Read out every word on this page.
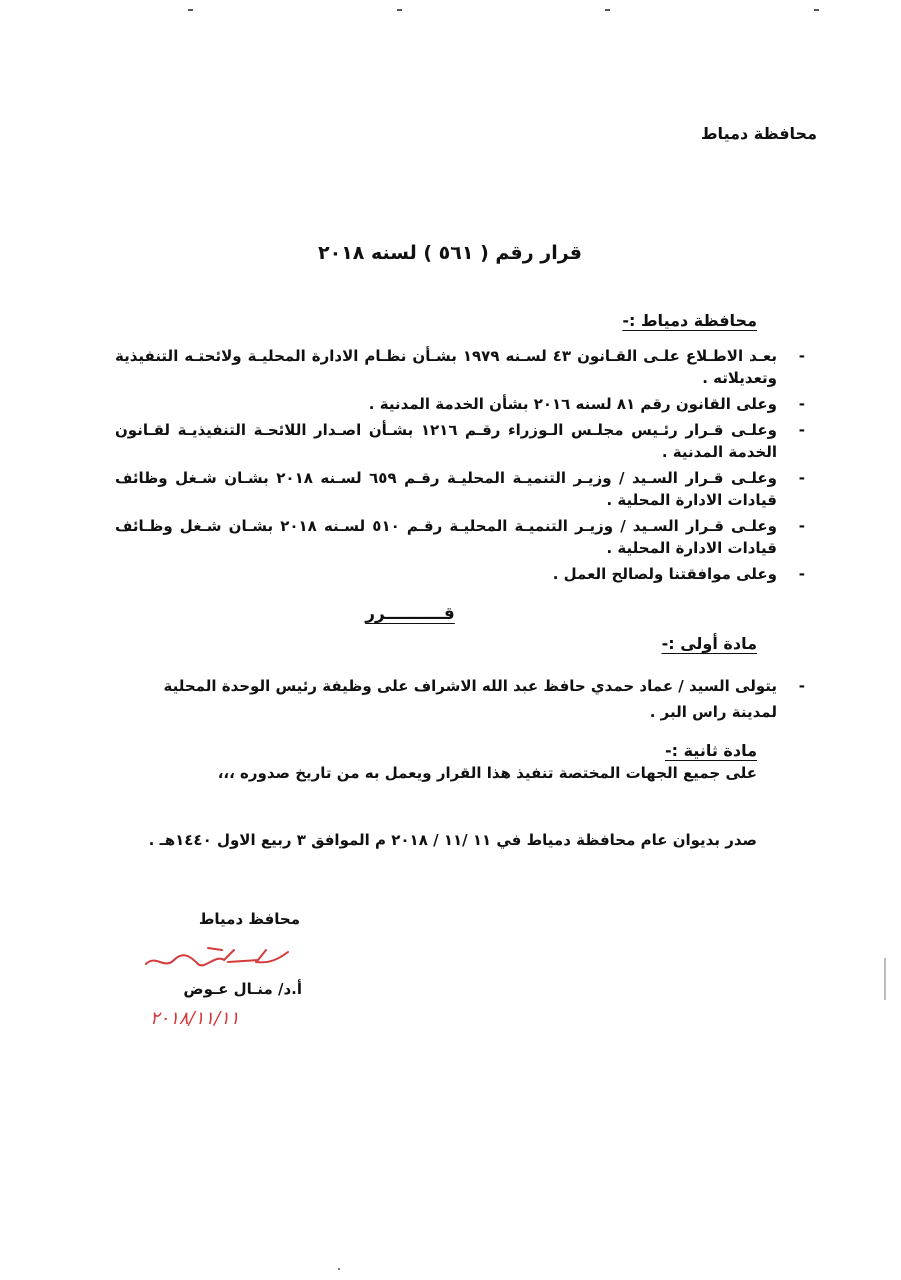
محافظة دمياط
قرار رقم ( ٥٦١ ) لسنه ٢٠١٨
محافظة دمياط :-
-
بعـد الاطـلاع علـى القـانون ٤٣ لسـنه ١٩٧٩ بشـأن نظـام الادارة المحليـة ولائحتـه التنفيذية وتعديلاته .
-
وعلى القانون رقم ٨١ لسنه ٢٠١٦ بشأن الخدمة المدنية .
-
وعلـى قـرار رئـيس مجلـس الـوزراء رقـم ١٢١٦ بشـأن اصـدار اللائحـة التنفيذيـة لقـانون الخدمة المدنية .
-
وعلـى قـرار السـيد / وزيـر التنميـة المحليـة رقـم ٦٥٩ لسـنه ٢٠١٨ بشـان شـغل وظائف قيادات الادارة المحلية .
-
وعلـى قـرار السـيد / وزيـر التنميـة المحليـة رقـم ٥١٠ لسـنه ٢٠١٨ بشـان شـغل وظـائف قيادات الادارة المحلية .
-
وعلى موافقتنا ولصالح العمل .
قــــــــــرر
مادة أولى :-
-
يتولى السيد / عماد حمدي حافظ عبد الله الاشراف على وظيفة رئيس الوحدة المحلية لمدينة راس البر .
مادة ثانية :-
على جميع الجهات المختصة تنفيذ هذا القرار ويعمل به من تاريخ صدوره ،،،
صدر بديوان عام محافظة دمياط في ١١ /١١ / ٢٠١٨ م الموافق ٣ ربيع الاول ١٤٤٠هـ .
محافظ دمياط
أ.د/ منـال عـوض
٢٠١٨/١١/١١
